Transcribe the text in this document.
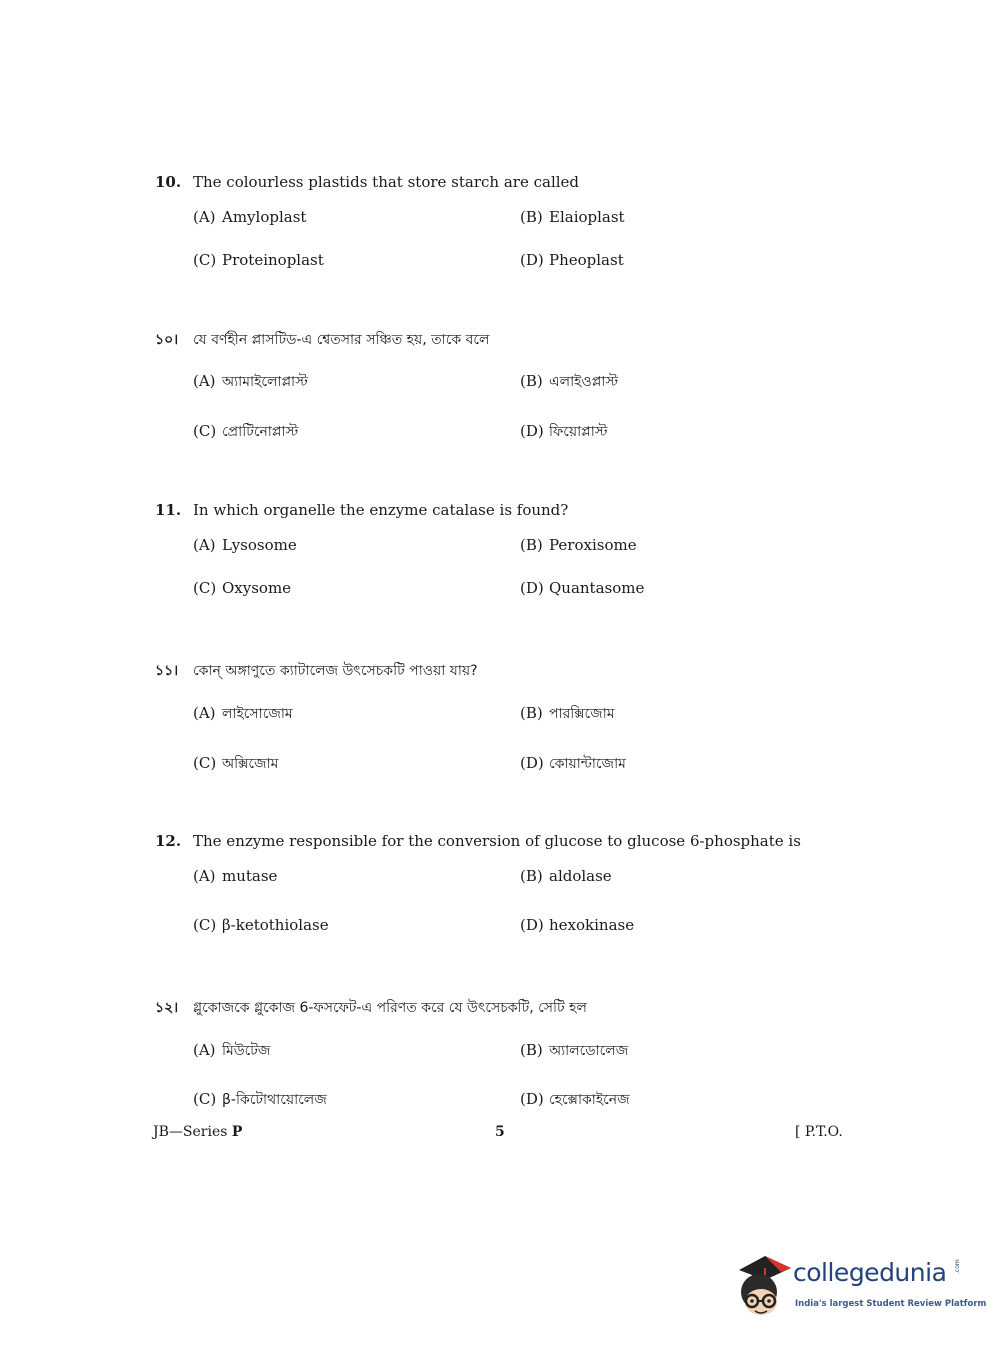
10. The colourless plastids that store starch are called
(A) Amyloplast	(B) Elaioplast
(C) Proteinoplast	(D) Pheoplast
১০। যে বর্ণহীন প্লাসটিড-এ শ্বেতসার সঞ্চিত হয়, তাকে বলে
(A) অ্যামাইলোপ্লাস্ট	(B) এলাইওপ্লাস্ট
(C) প্রোটিনোপ্লাস্ট	(D) ফিয়োপ্লাস্ট
11. In which organelle the enzyme catalase is found?
(A) Lysosome	(B) Peroxisome
(C) Oxysome	(D) Quantasome
১১। কোন্ অঙ্গাণুতে ক্যাটালেজ উৎসেচকটি পাওয়া যায়?
(A) লাইসোজোম	(B) পারক্সিজোম
(C) অক্সিজোম	(D) কোয়ান্টাজোম
12. The enzyme responsible for the conversion of glucose to glucose 6-phosphate is
(A) mutase	(B) aldolase
(C) β-ketothiolase	(D) hexokinase
১২। গ্লুকোজকে গ্লুকোজ 6-ফসফেট-এ পরিণত করে যে উৎসেচকটি, সেটি হল
(A) মিউটেজ	(B) অ্যালডোলেজ
(C) β-কিটোথায়োলেজ	(D) হেক্সোকাইনেজ
JB—Series P	5	[ P.T.O.
collegedunia .com
India's largest Student Review Platform
